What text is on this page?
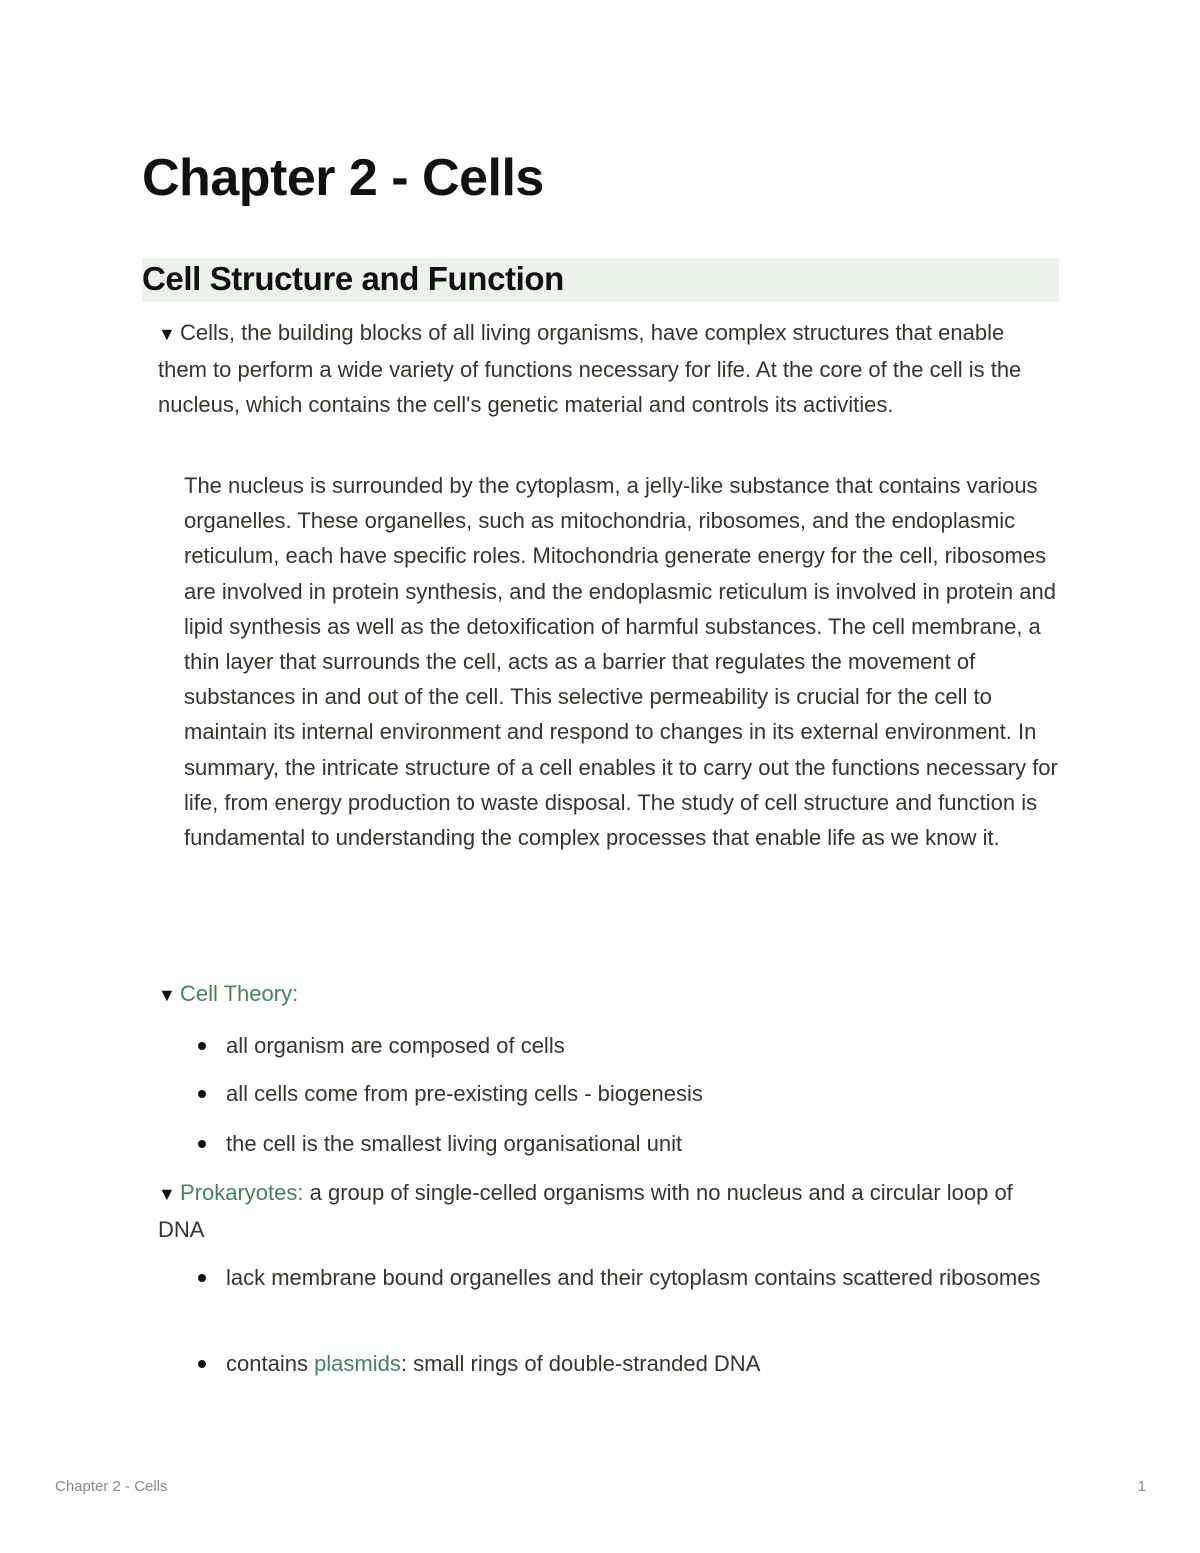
Chapter 2 - Cells
Cell Structure and Function
▼ Cells, the building blocks of all living organisms, have complex structures that enable them to perform a wide variety of functions necessary for life. At the core of the cell is the nucleus, which contains the cell's genetic material and controls its activities.
The nucleus is surrounded by the cytoplasm, a jelly-like substance that contains various organelles. These organelles, such as mitochondria, ribosomes, and the endoplasmic reticulum, each have specific roles. Mitochondria generate energy for the cell, ribosomes are involved in protein synthesis, and the endoplasmic reticulum is involved in protein and lipid synthesis as well as the detoxification of harmful substances. The cell membrane, a thin layer that surrounds the cell, acts as a barrier that regulates the movement of substances in and out of the cell. This selective permeability is crucial for the cell to maintain its internal environment and respond to changes in its external environment. In summary, the intricate structure of a cell enables it to carry out the functions necessary for life, from energy production to waste disposal. The study of cell structure and function is fundamental to understanding the complex processes that enable life as we know it.
▼ Cell Theory:
all organism are composed of cells
all cells come from pre-existing cells - biogenesis
the cell is the smallest living organisational unit
▼ Prokaryotes: a group of single-celled organisms with no nucleus and a circular loop of DNA
lack membrane bound organelles and their cytoplasm contains scattered ribosomes
contains plasmids: small rings of double-stranded DNA
Chapter 2 - Cells	1
